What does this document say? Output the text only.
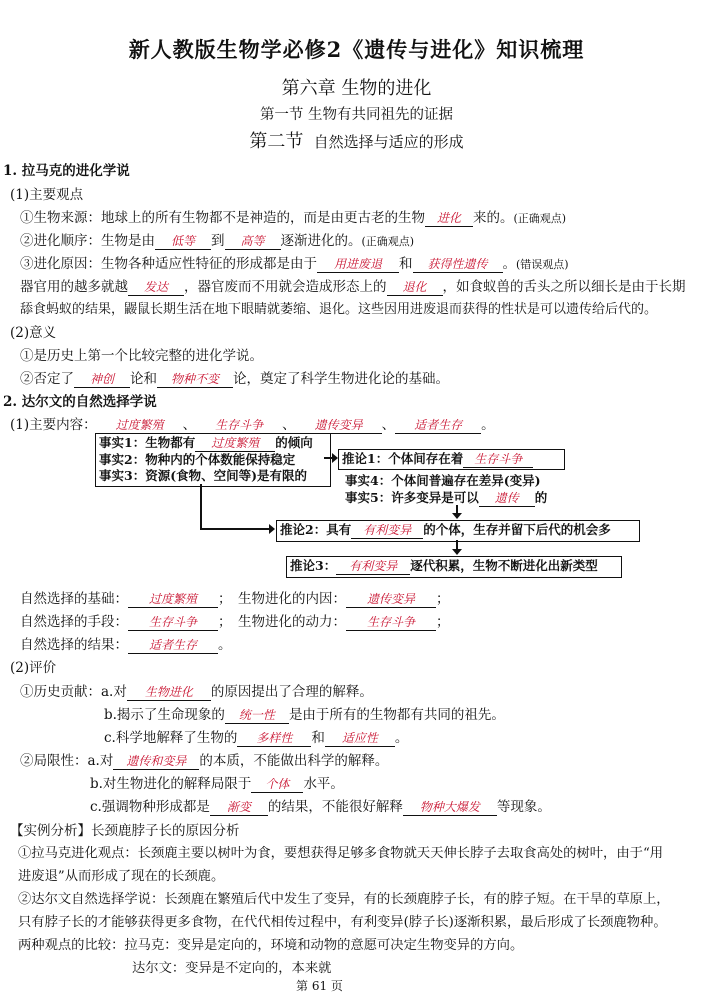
新人教版生物学必修2《遗传与进化》知识梳理
第六章 生物的进化
第一节 生物有共同祖先的证据
第二节 自然选择与适应的形成
1. 拉马克的进化学说
(1)主要观点
①生物来源：地球上的所有生物都不是神造的，而是由更古老的生物 进化 来的。(正确观点)
②进化顺序：生物是由 低等 到 高等 逐渐进化的。(正确观点)
③进化原因：生物各种适应性特征的形成都是由于 用进废退 和 获得性遗传 。(错误观点)
器官用的越多就越 发达 ，器官废而不用就会造成形态上的 退化 ，如食蚁兽的舌头之所以细长是由于长期
舔食蚂蚁的结果，鼹鼠长期生活在地下眼睛就萎缩、退化。这些因用进废退而获得的性状是可以遗传给后代的。
(2)意义
①是历史上第一个比较完整的进化学说。
②否定了 神创 论和 物种不变 论，奠定了科学生物进化论的基础。
2. 达尔文的自然选择学说
(1)主要内容： 过度繁殖 、 生存斗争 、 遗传变异 、 适者生存 。
事实1：生物都有 过度繁殖 的倾向
事实2：物种内的个体数能保持稳定
事实3：资源(食物、空间等)是有限的
推论1：个体间存在着 生存斗争
事实4：个体间普遍存在差异(变异)
事实5：许多变异是可以 遗传 的
推论2：具有 有利变异 的个体，生存并留下后代的机会多
推论3： 有利变异 逐代积累，生物不断进化出新类型
自然选择的基础： 过度繁殖 ； 生物进化的内因： 遗传变异 ；
自然选择的手段： 生存斗争 ； 生物进化的动力： 生存斗争 ；
自然选择的结果： 适者生存 。
(2)评价
①历史贡献：a.对 生物进化 的原因提出了合理的解释。
b.揭示了生命现象的 统一性 是由于所有的生物都有共同的祖先。
c.科学地解释了生物的 多样性 和 适应性 。
②局限性：a.对 遗传和变异 的本质，不能做出科学的解释。
b.对生物进化的解释局限于 个体 水平。
c.强调物种形成都是 渐变 的结果，不能很好解释 物种大爆发 等现象。
【实例分析】长颈鹿脖子长的原因分析
①拉马克进化观点：长颈鹿主要以树叶为食，要想获得足够多食物就天天伸长脖子去取食高处的树叶，由于“用
进废退”从而形成了现在的长颈鹿。
②达尔文自然选择学说：长颈鹿在繁殖后代中发生了变异，有的长颈鹿脖子长，有的脖子短。在干旱的草原上，
只有脖子长的才能够获得更多食物，在代代相传过程中，有利变异(脖子长)逐渐积累，最后形成了长颈鹿物种。
两种观点的比较：拉马克：变异是定向的，环境和动物的意愿可决定生物变异的方向。
达尔文：变异是不定向的，本来就
第 61 页
